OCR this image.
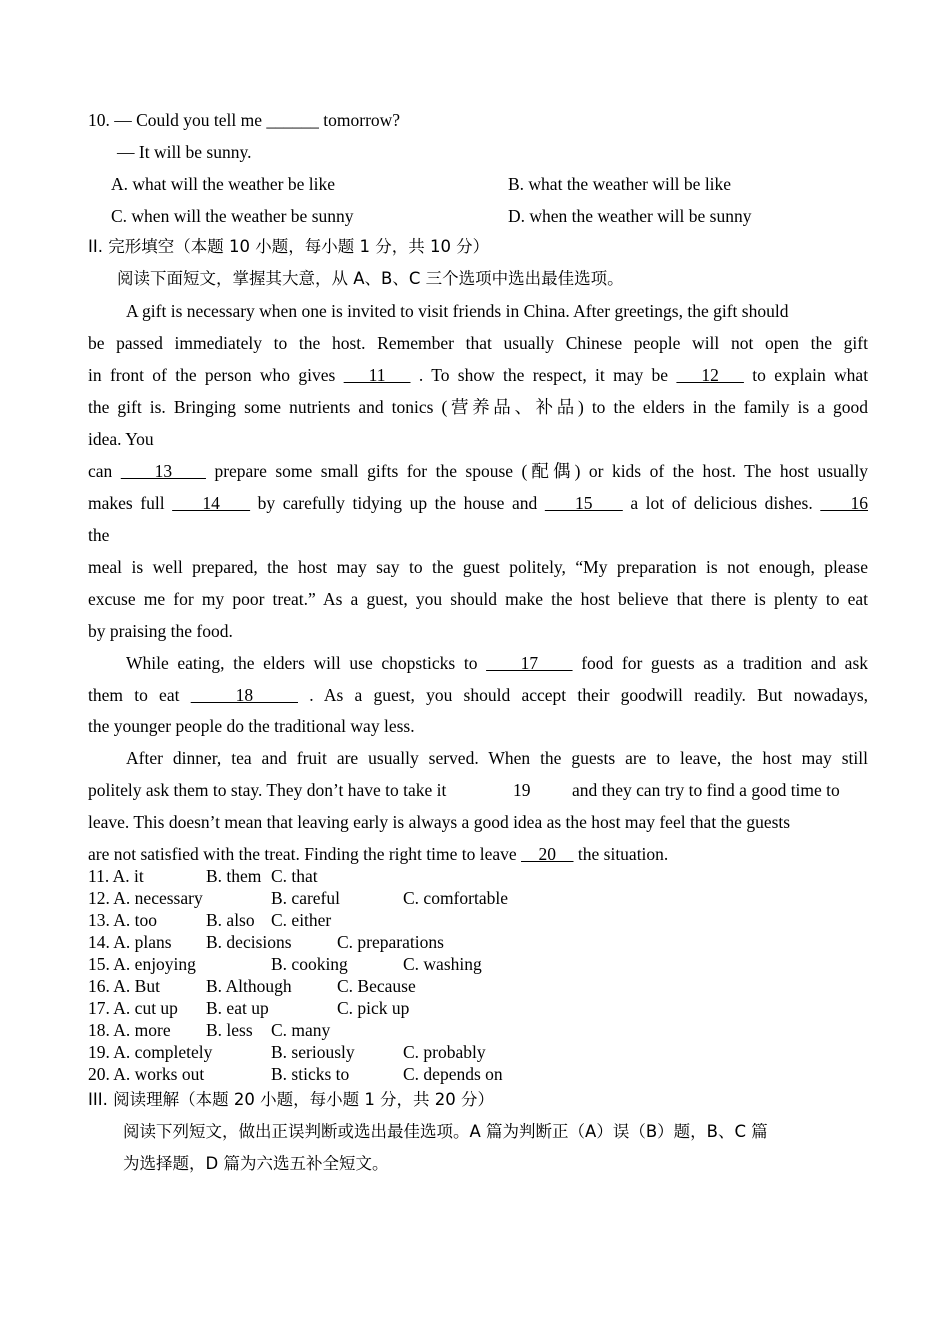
10. — Could you tell me ______ tomorrow?
— It will be sunny.
A. what will the weather be like	B. what the weather will be like
C. when will the weather be sunny	D. when the weather will be sunny
II. 完形填空（本题 10 小题，每小题 1 分，共 10 分）
阅读下面短文，掌握其大意，从 A、B、C 三个选项中选出最佳选项。
A gift is necessary when one is invited to visit friends in China. After greetings, the gift should
be passed immediately to the host. Remember that usually Chinese people will not open the gift
in front of the person who gives    11    . To show the respect, it may be    12    to explain what
the gift is. Bringing some nutrients and tonics (营养品、补品) to the elders in the family is a good
idea. You
can     13     prepare some small gifts for the spouse (配偶) or kids of the host. The host usually
makes full     14     by carefully tidying up the house and     15     a lot of delicious dishes.     16
the
meal is well prepared, the host may say to the guest politely, “My preparation is not enough, please
excuse me for my poor treat.” As a guest, you should make the host believe that there is plenty to eat
by praising the food.
While eating, the elders will use chopsticks to     17     food for guests as a tradition and ask
them to eat     18     . As a guest, you should accept their goodwill readily. But nowadays,
the younger people do the traditional way less.
After dinner, tea and fruit are usually served. When the guests are to leave, the host may still
politely ask them to stay. They don’t have to take it	19 and they can try to find a good time to
leave. This doesn’t mean that leaving early is always a good idea as the host may feel that the guests
are not satisfied with the treat. Finding the right time to leave     20     the situation.
11. A. it	B. them C. that
12. A. necessary	B. careful	C. comfortable
13. A. too	B. also C. either
14. A. plans B. decisions	C. preparations
15. A. enjoying	B. cooking	C. washing
16. A. But	B. Although	C. Because
17. A. cut up B. eat up	C. pick up
18. A. more B. less C. many
19. A. completely	B. seriously	C. probably
20. A. works out	B. sticks to	C. depends on
III. 阅读理解（本题 20 小题，每小题 1 分，共 20 分）
阅读下列短文，做出正误判断或选出最佳选项。A 篇为判断正（A）误（B）题，B、C 篇
为选择题，D 篇为六选五补全短文。
